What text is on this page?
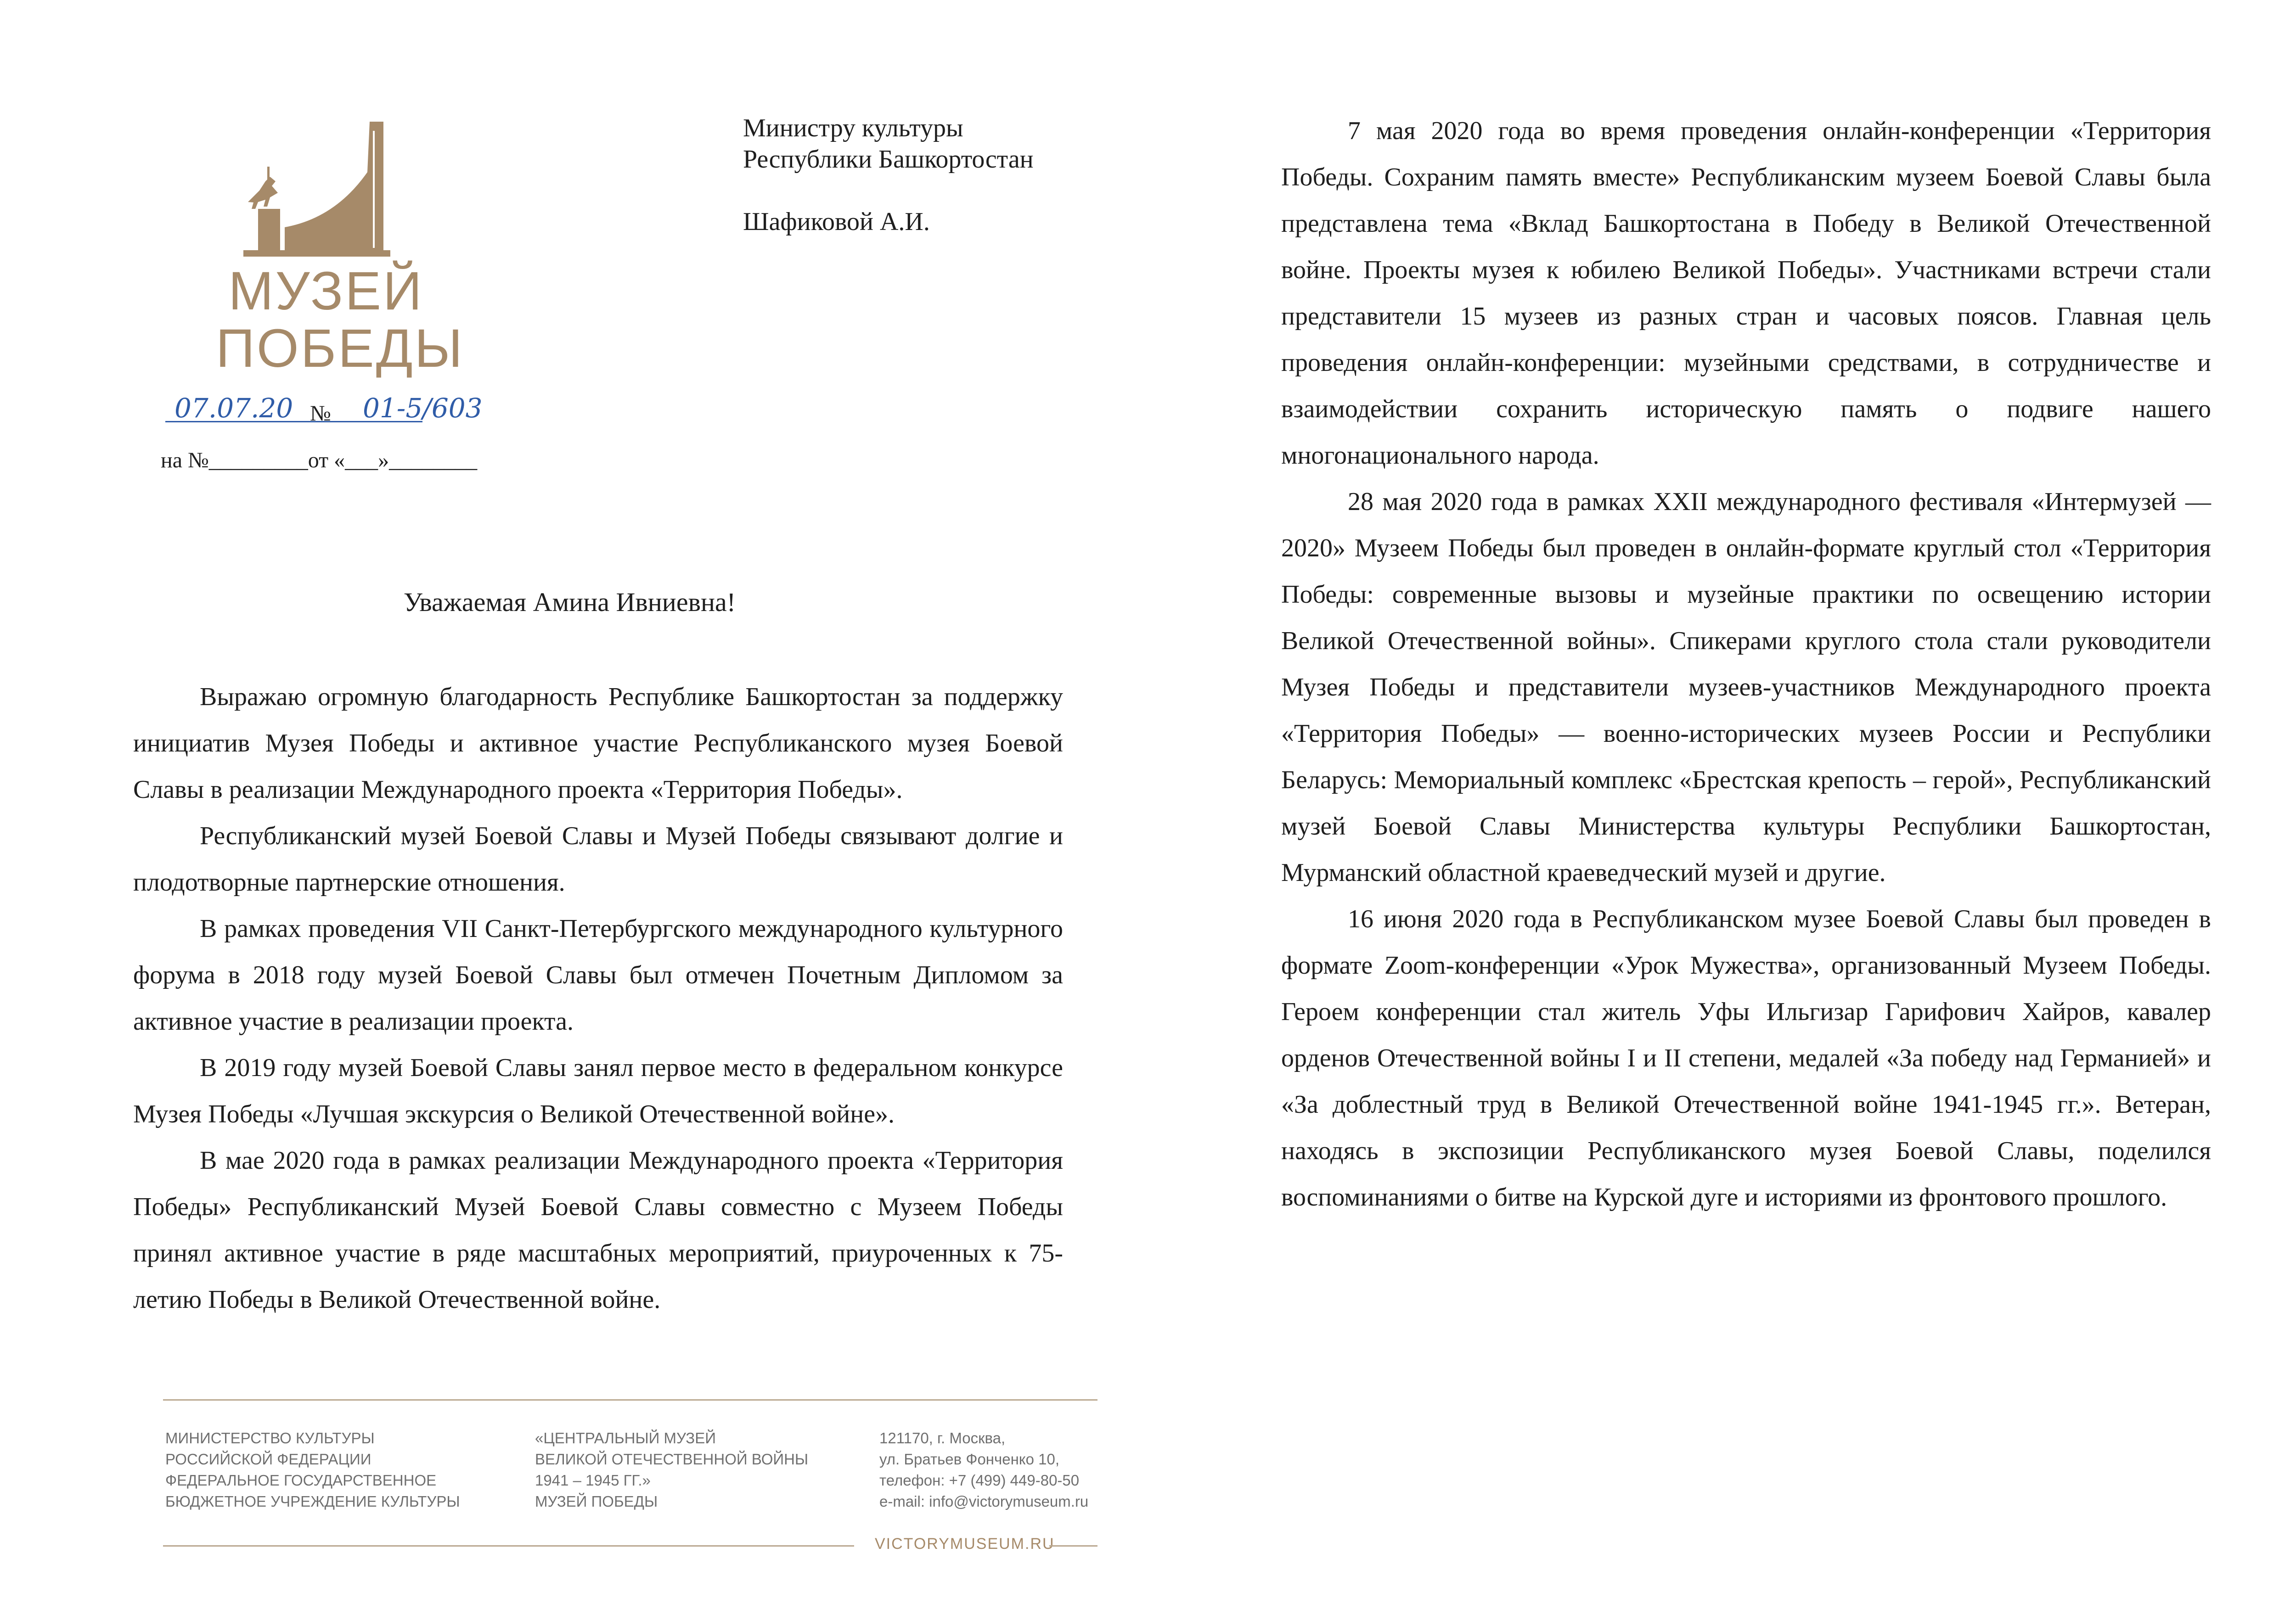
МУЗЕЙ
ПОБЕДЫ
Министру культуры
Республики Башкортостан
Шафиковой А.И.
07.07.20 № 01-5/603
на №_________от «___»________
Уважаемая Амина Ивниевна!

Выражаю огромную благодарность Республике Башкортостан за поддержку инициатив Музея Победы и активное участие Республиканского музея Боевой Славы в реализации Международного проекта «Территория Победы».

Республиканский музей Боевой Славы и Музей Победы связывают долгие и плодотворные партнерские отношения.

В рамках проведения VII Санкт-Петербургского международного культурного форума в 2018 году музей Боевой Славы был отмечен Почетным Дипломом за активное участие в реализации проекта.

В 2019 году музей Боевой Славы занял первое место в федеральном конкурсе Музея Победы «Лучшая экскурсия о Великой Отечественной войне».

В мае 2020 года в рамках реализации Международного проекта «Территория Победы» Республиканский Музей Боевой Славы совместно с Музеем Победы принял активное участие в ряде масштабных мероприятий, приуроченных к 75-летию Победы в Великой Отечественной войне.

МИНИСТЕРСТВО КУЛЬТУРЫ
РОССИЙСКОЙ ФЕДЕРАЦИИ
ФЕДЕРАЛЬНОЕ ГОСУДАРСТВЕННОЕ
БЮДЖЕТНОЕ УЧРЕЖДЕНИЕ КУЛЬТУРЫ
«ЦЕНТРАЛЬНЫЙ МУЗЕЙ
ВЕЛИКОЙ ОТЕЧЕСТВЕННОЙ ВОЙНЫ
1941 – 1945 ГГ.»
МУЗЕЙ ПОБЕДЫ
121170, г. Москва,
ул. Братьев Фонченко 10,
телефон: +7 (499) 449-80-50
e-mail: info@victorymuseum.ru
VICTORYMUSEUM.RU

7 мая 2020 года во время проведения онлайн-конференции «Территория Победы. Сохраним память вместе» Республиканским музеем Боевой Славы была представлена тема «Вклад Башкортостана в Победу в Великой Отечественной войне. Проекты музея к юбилею Великой Победы». Участниками встречи стали представители 15 музеев из разных стран и часовых поясов. Главная цель проведения онлайн-конференции: музейными средствами, в сотрудничестве и взаимодействии сохранить историческую память о подвиге нашего многонационального народа.

28 мая 2020 года в рамках XXII международного фестиваля «Интермузей — 2020» Музеем Победы был проведен в онлайн-формате круглый стол «Территория Победы: современные вызовы и музейные практики по освещению истории Великой Отечественной войны». Спикерами круглого стола стали руководители Музея Победы и представители музеев-участников Международного проекта «Территория Победы» — военно-исторических музеев России и Республики Беларусь: Мемориальный комплекс «Брестская крепость – герой», Республиканский музей Боевой Славы Министерства культуры Республики Башкортостан, Мурманский областной краеведческий музей и другие.

16 июня 2020 года в Республиканском музее Боевой Славы был проведен в формате Zoom-конференции «Урок Мужества», организованный Музеем Победы. Героем конференции стал житель Уфы Ильгизар Гарифович Хайров, кавалер орденов Отечественной войны I и II степени, медалей «За победу над Германией» и «За доблестный труд в Великой Отечественной войне 1941-1945 гг.». Ветеран, находясь в экспозиции Республиканского музея Боевой Славы, поделился воспоминаниями о битве на Курской дуге и историями из фронтового прошлого.
